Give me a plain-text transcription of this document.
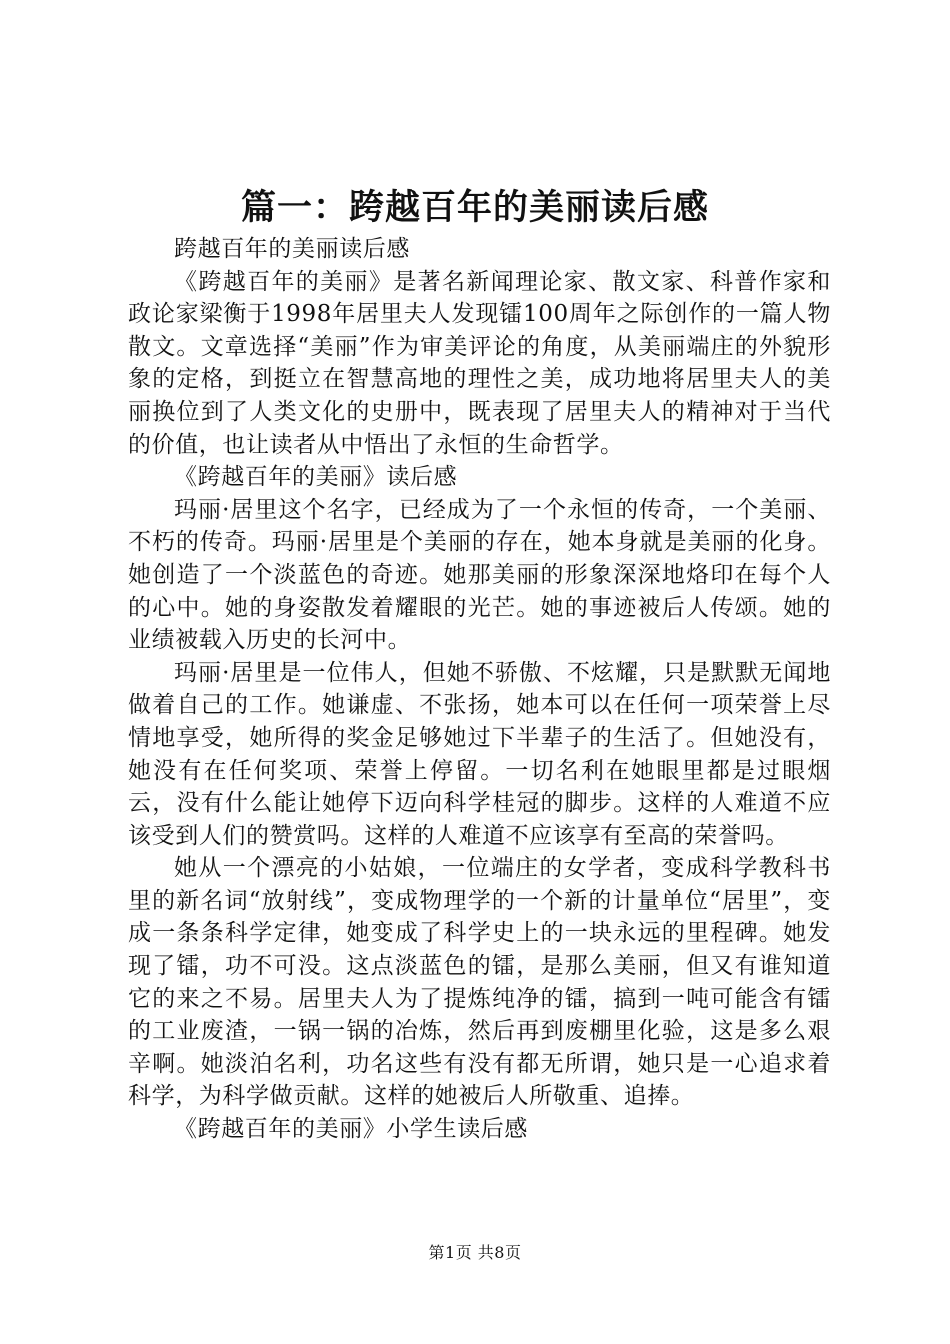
篇一：跨越百年的美丽读后感

跨越百年的美丽读后感

《跨越百年的美丽》是著名新闻理论家、散文家、科普作家和政论家梁衡于1998年居里夫人发现镭100周年之际创作的一篇人物散文。文章选择“美丽”作为审美评论的角度，从美丽端庄的外貌形象的定格，到挺立在智慧高地的理性之美，成功地将居里夫人的美丽换位到了人类文化的史册中，既表现了居里夫人的精神对于当代的价值，也让读者从中悟出了永恒的生命哲学。

《跨越百年的美丽》读后感

玛丽·居里这个名字，已经成为了一个永恒的传奇，一个美丽、不朽的传奇。玛丽·居里是个美丽的存在，她本身就是美丽的化身。她创造了一个淡蓝色的奇迹。她那美丽的形象深深地烙印在每个人的心中。她的身姿散发着耀眼的光芒。她的事迹被后人传颂。她的业绩被载入历史的长河中。

玛丽·居里是一位伟人，但她不骄傲、不炫耀，只是默默无闻地做着自己的工作。她谦虚、不张扬，她本可以在任何一项荣誉上尽情地享受，她所得的奖金足够她过下半辈子的生活了。但她没有，她没有在任何奖项、荣誉上停留。一切名利在她眼里都是过眼烟云，没有什么能让她停下迈向科学桂冠的脚步。这样的人难道不应该受到人们的赞赏吗。这样的人难道不应该享有至高的荣誉吗。

她从一个漂亮的小姑娘，一位端庄的女学者，变成科学教科书里的新名词“放射线”，变成物理学的一个新的计量单位“居里”，变成一条条科学定律，她变成了科学史上的一块永远的里程碑。她发现了镭，功不可没。这点淡蓝色的镭，是那么美丽，但又有谁知道它的来之不易。居里夫人为了提炼纯净的镭，搞到一吨可能含有镭的工业废渣，一锅一锅的冶炼，然后再到废棚里化验，这是多么艰辛啊。她淡泊名利，功名这些有没有都无所谓，她只是一心追求着科学，为科学做贡献。这样的她被后人所敬重、追捧。

《跨越百年的美丽》小学生读后感

第1页 共8页
